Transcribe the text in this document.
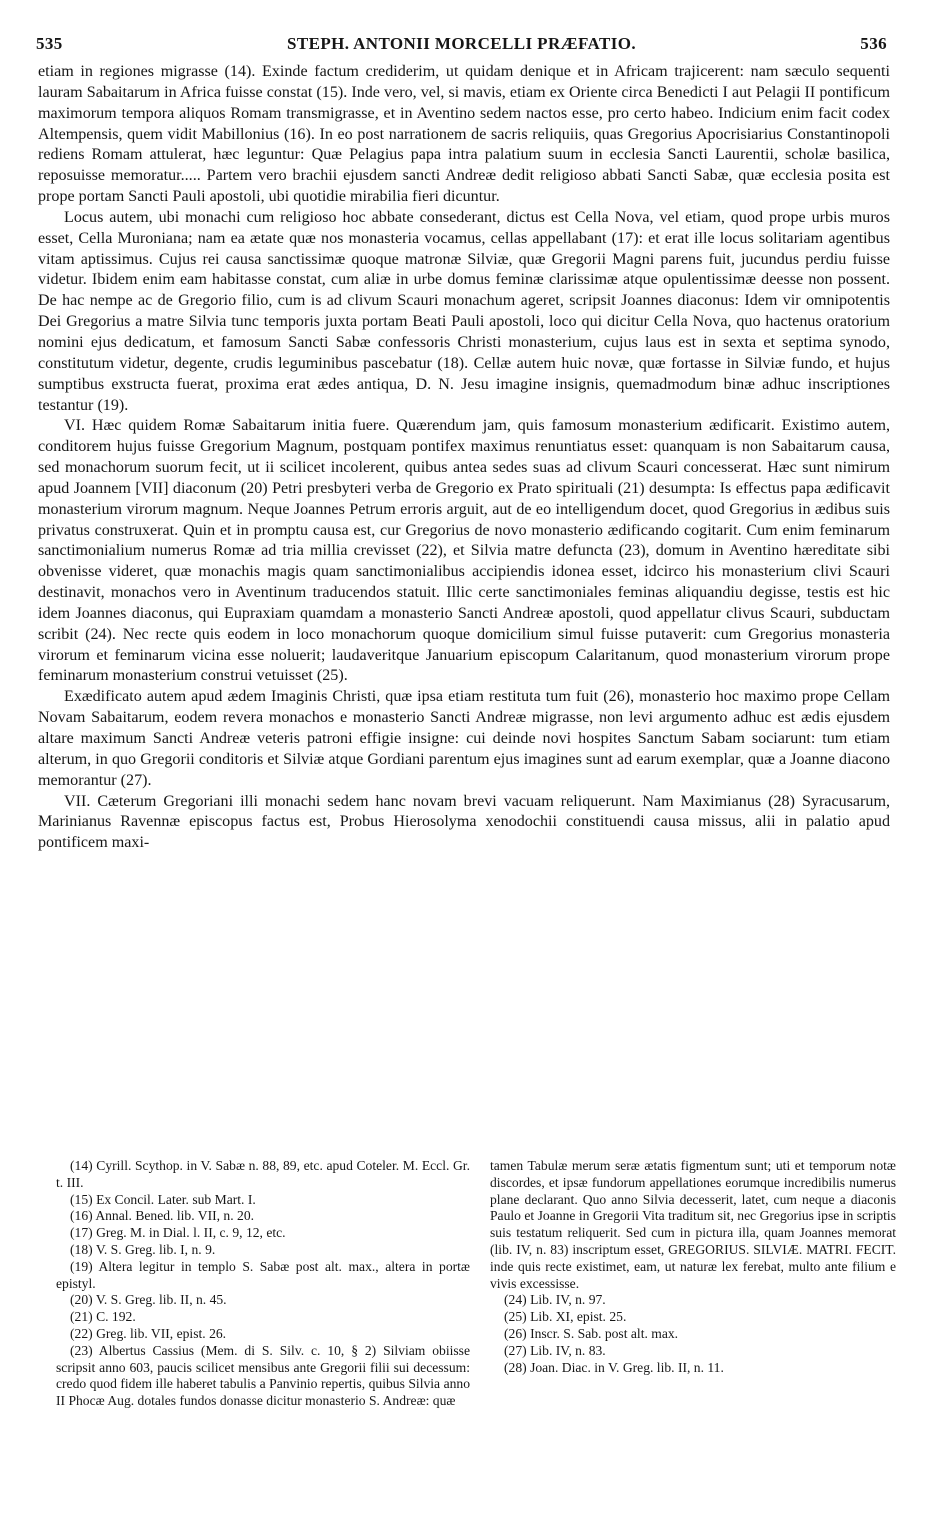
535	STEPH. ANTONII MORCELLI PRÆFATIO.	536

etiam in regiones migrasse (14). Exinde factum crediderim, ut quidam denique et in Africam trajicerent: nam sæculo sequenti lauram Sabaitarum in Africa fuisse constat (15). Inde vero, vel, si mavis, etiam ex Oriente circa Benedicti I aut Pelagii II pontificum maximorum tempora aliquos Romam transmigrasse, et in Aventino sedem nactos esse, pro certo habeo. Indicium enim facit codex Altempensis, quem vidit Mabillonius (16). In eo post narrationem de sacris reliquiis, quas Gregorius Apocrisiarius Constantinopoli rediens Romam attulerat, hæc leguntur: Quæ Pelagius papa intra palatium suum in ecclesia Sancti Laurentii, scholæ basilica, reposuisse memoratur..... Partem vero brachii ejusdem sancti Andreæ dedit religioso abbati Sancti Sabæ, quæ ecclesia posita est prope portam Sancti Pauli apostoli, ubi quotidie mirabilia fieri dicuntur.

Locus autem, ubi monachi cum religioso hoc abbate consederant, dictus est Cella Nova, vel etiam, quod prope urbis muros esset, Cella Muroniana; nam ea ætate quæ nos monasteria vocamus, cellas appellabant (17): et erat ille locus solitariam agentibus vitam aptissimus. Cujus rei causa sanctissimæ quoque matronæ Silviæ, quæ Gregorii Magni parens fuit, jucundus perdiu fuisse videtur. Ibidem enim eam habitasse constat, cum aliæ in urbe domus feminæ clarissimæ atque opulentissimæ deesse non possent. De hac nempe ac de Gregorio filio, cum is ad clivum Scauri monachum ageret, scripsit Joannes diaconus: Idem vir omnipotentis Dei Gregorius a matre Silvia tunc temporis juxta portam Beati Pauli apostoli, loco qui dicitur Cella Nova, quo hactenus oratorium nomini ejus dedicatum, et famosum Sancti Sabæ confessoris Christi monasterium, cujus laus est in sexta et septima synodo, constitutum videtur, degente, crudis leguminibus pascebatur (18). Cellæ autem huic novæ, quæ fortasse in Silviæ fundo, et hujus sumptibus exstructa fuerat, proxima erat ædes antiqua, D. N. Jesu imagine insignis, quemadmodum binæ adhuc inscriptiones testantur (19).

VI. Hæc quidem Romæ Sabaitarum initia fuere. Quærendum jam, quis famosum monasterium ædificarit. Existimo autem, conditorem hujus fuisse Gregorium Magnum, postquam pontifex maximus renuntiatus esset: quanquam is non Sabaitarum causa, sed monachorum suorum fecit, ut ii scilicet incolerent, quibus antea sedes suas ad clivum Scauri concesserat. Hæc sunt nimirum apud Joannem [VII] diaconum (20) Petri presbyteri verba de Gregorio ex Prato spirituali (21) desumpta: Is effectus papa ædificavit monasterium virorum magnum. Neque Joannes Petrum erroris arguit, aut de eo intelligendum docet, quod Gregorius in ædibus suis privatus construxerat. Quin et in promptu causa est, cur Gregorius de novo monasterio ædificando cogitarit. Cum enim feminarum sanctimonialium numerus Romæ ad tria millia crevisset (22), et Silvia matre defuncta (23), domum in Aventino hæreditate sibi obvenisse videret, quæ monachis magis quam sanctimonialibus accipiendis idonea esset, idcirco his monasterium clivi Scauri destinavit, monachos vero in Aventinum traducendos statuit. Illic certe sanctimoniales feminas aliquandiu degisse, testis est hic idem Joannes diaconus, qui Eupraxiam quamdam a monasterio Sancti Andreæ apostoli, quod appellatur clivus Scauri, subductam scribit (24). Nec recte quis eodem in loco monachorum quoque domicilium simul fuisse putaverit: cum Gregorius monasteria virorum et feminarum vicina esse noluerit; laudaveritque Januarium episcopum Calaritanum, quod monasterium virorum prope feminarum monasterium construi vetuisset (25).

Exædificato autem apud ædem Imaginis Christi, quæ ipsa etiam restituta tum fuit (26), monasterio hoc maximo prope Cellam Novam Sabaitarum, eodem revera monachos e monasterio Sancti Andreæ migrasse, non levi argumento adhuc est ædis ejusdem altare maximum Sancti Andreæ veteris patroni effigie insigne: cui deinde novi hospites Sanctum Sabam sociarunt: tum etiam alterum, in quo Gregorii conditoris et Silviæ atque Gordiani parentum ejus imagines sunt ad earum exemplar, quæ a Joanne diacono memorantur (27).

VII. Cæterum Gregoriani illi monachi sedem hanc novam brevi vacuam reliquerunt. Nam Maximianus (28) Syracusarum, Marinianus Ravennæ episcopus factus est, Probus Hierosolyma xenodochii constituendi causa missus, alii in palatio apud pontificem maxi-

(14) Cyrill. Scythop. in V. Sabæ n. 88, 89, etc. apud Coteler. M. Eccl. Gr. t. III.

(15) Ex Concil. Later. sub Mart. I.

(16) Annal. Bened. lib. VII, n. 20.

(17) Greg. M. in Dial. l. II, c. 9, 12, etc.

(18) V. S. Greg. lib. I, n. 9.

(19) Altera legitur in templo S. Sabæ post alt. max., altera in portæ epistyl.

(20) V. S. Greg. lib. II, n. 45.

(21) C. 192.

(22) Greg. lib. VII, epist. 26.

(23) Albertus Cassius (Mem. di S. Silv. c. 10, § 2) Silviam obiisse scripsit anno 603, paucis scilicet mensibus ante Gregorii filii sui decessum: credo quod fidem ille haberet tabulis a Panvinio repertis, quibus Silvia anno II Phocæ Aug. dotales fundos donasse dicitur monasterio S. Andreæ: quæ

tamen Tabulæ merum seræ ætatis figmentum sunt; uti et temporum notæ discordes, et ipsæ fundorum appellationes eorumque incredibilis numerus plane declarant. Quo anno Silvia decesserit, latet, cum neque a diaconis Paulo et Joanne in Gregorii Vita traditum sit, nec Gregorius ipse in scriptis suis testatum reliquerit. Sed cum in pictura illa, quam Joannes memorat (lib. IV, n. 83) inscriptum esset, GREGORIUS. SILVIÆ. MATRI. FECIT. inde quis recte existimet, eam, ut naturæ lex ferebat, multo ante filium e vivis excessisse.

(24) Lib. IV, n. 97.

(25) Lib. XI, epist. 25.

(26) Inscr. S. Sab. post alt. max.

(27) Lib. IV, n. 83.

(28) Joan. Diac. in V. Greg. lib. II, n. 11.
